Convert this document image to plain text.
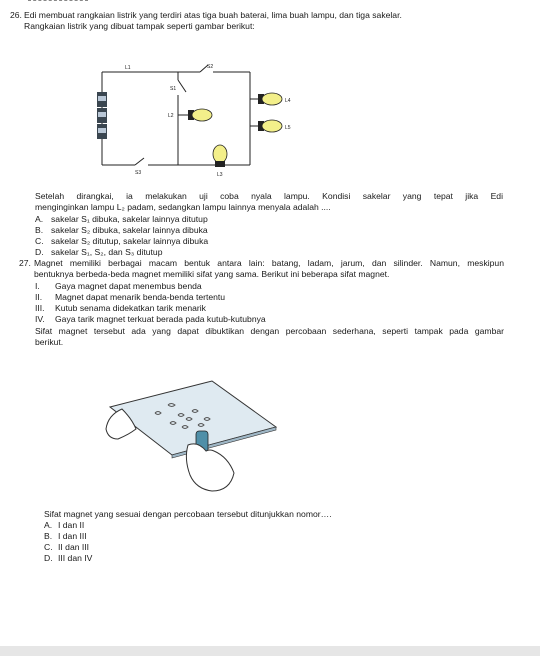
26. Edi membuat rangkaian listrik yang terdiri atas tiga buah baterai, lima buah lampu, dan tiga sakelar.
Rangkaian listrik yang dibuat tampak seperti gambar berikut:
L1	S2
S1
L2
L4
L5
S3	L3
Setelah dirangkai, ia melakukan uji coba nyala lampu. Kondisi sakelar yang tepat jika Edi
menginginkan lampu L₂ padam, sedangkan lampu lainnya menyala adalah ....
A. sakelar S₁ dibuka, sakelar lainnya ditutup
B. sakelar S₂ dibuka, sakelar lainnya dibuka
C. sakelar S₂ ditutup, sakelar lainnya dibuka
D. sakelar S₁, S₂, dan S₃ ditutup
27. Magnet memiliki berbagai macam bentuk antara lain: batang, ladam, jarum, dan silinder. Namun, meskipun
bentuknya berbeda-beda magnet memiliki sifat yang sama. Berikut ini beberapa sifat magnet.
I. Gaya magnet dapat menembus benda
II. Magnet dapat menarik benda-benda tertentu
III. Kutub senama didekatkan tarik menarik
IV. Gaya tarik magnet terkuat berada pada kutub-kutubnya
Sifat magnet tersebut ada yang dapat dibuktikan dengan percobaan sederhana, seperti tampak pada gambar
berikut.
Sifat magnet yang sesuai dengan percobaan tersebut ditunjukkan nomor….
A. I dan II
B. I dan III
C. II dan III
D. III dan IV
